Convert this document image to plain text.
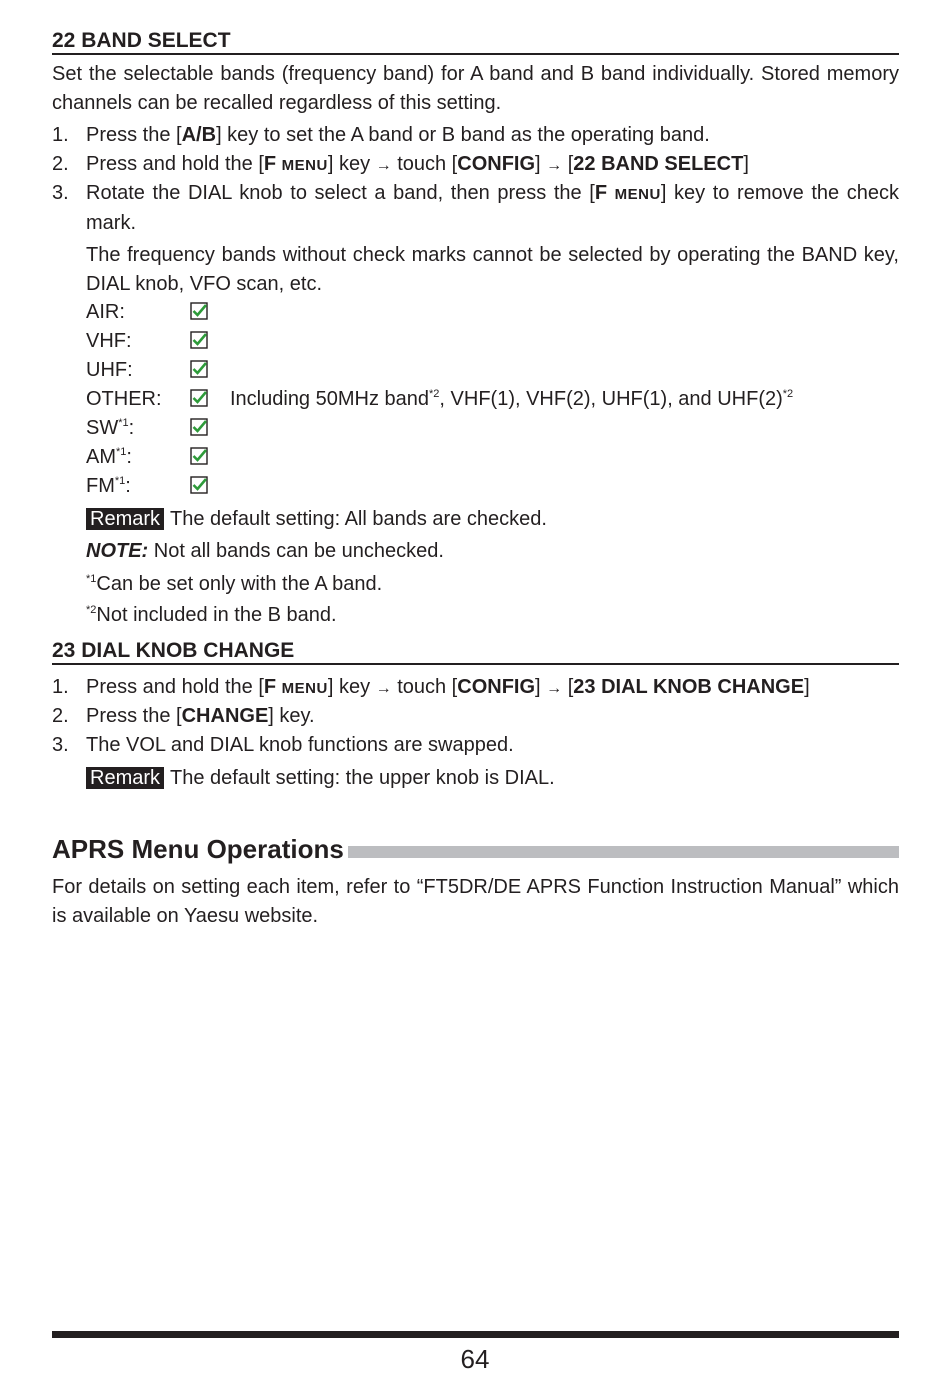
22 BAND SELECT
Set the selectable bands (frequency band) for A band and B band individually. Stored memory channels can be recalled regardless of this setting.
1. Press the [A/B] key to set the A band or B band as the operating band.
2. Press and hold the [F MENU] key → touch [CONFIG] → [22 BAND SELECT]
3. Rotate the DIAL knob to select a band, then press the [F MENU] key to remove the check mark.
The frequency bands without check marks cannot be selected by operating the BAND key, DIAL knob, VFO scan, etc.
AIR:
VHF:
UHF:
OTHER:	Including 50MHz band$^{*2}$, VHF(1), VHF(2), UHF(1), and $UHF(2)^{*2}$
SW$^{*1}$:
AM$^{*1}$:
FM$^{*1}$:
Remark The default setting: All bands are checked.
NOTE: Not all bands can be unchecked.
$^{*1}$Can be set only with the A band.
$^{*2}$Not included in the B band.
23 DIAL KNOB CHANGE
1. Press and hold the [F MENU] key → touch [CONFIG] → [23 DIAL KNOB CHANGE]
2. Press the [CHANGE] key.
3. The VOL and DIAL knob functions are swapped.
Remark The default setting: the upper knob is DIAL.
APRS Menu Operations
For details on setting each item, refer to “FT5DR/DE APRS Function Instruction Manual” which is available on Yaesu website.
64
